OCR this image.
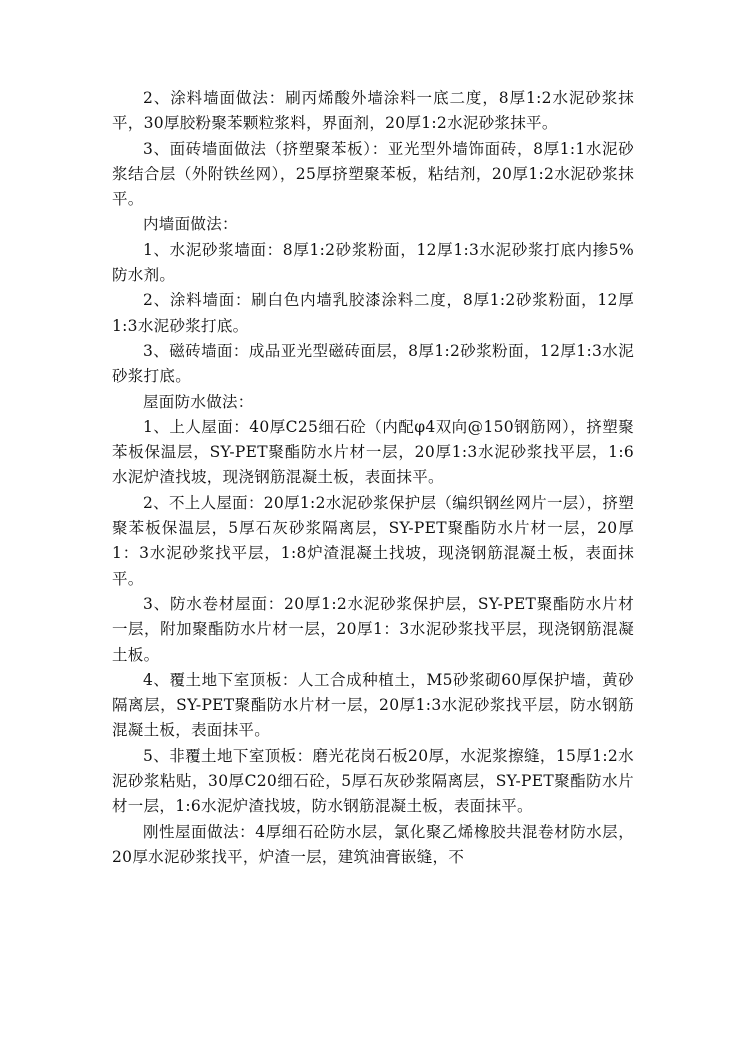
2、涂料墙面做法：刷丙烯酸外墙涂料一底二度，8厚1:2水泥砂浆抹平，30厚胶粉聚苯颗粒浆料，界面剂，20厚1:2水泥砂浆抹平。

3、面砖墙面做法（挤塑聚苯板）：亚光型外墙饰面砖，8厚1:1水泥砂浆结合层（外附铁丝网），25厚挤塑聚苯板，粘结剂，20厚1:2水泥砂浆抹平。

内墙面做法：

1、水泥砂浆墙面：8厚1:2砂浆粉面，12厚1:3水泥砂浆打底内掺5%防水剂。

2、涂料墙面：刷白色内墙乳胶漆涂料二度，8厚1:2砂浆粉面，12厚1:3水泥砂浆打底。

3、磁砖墙面：成品亚光型磁砖面层，8厚1:2砂浆粉面，12厚1:3水泥砂浆打底。

屋面防水做法：

1、上人屋面：40厚C25细石砼（内配φ4双向@150钢筋网），挤塑聚苯板保温层，SY-PET聚酯防水片材一层，20厚1:3水泥砂浆找平层，1:6水泥炉渣找坡，现浇钢筋混凝土板，表面抹平。

2、不上人屋面：20厚1:2水泥砂浆保护层（编织钢丝网片一层），挤塑聚苯板保温层，5厚石灰砂浆隔离层，SY-PET聚酯防水片材一层，20厚1：3水泥砂浆找平层，1:8炉渣混凝土找坡，现浇钢筋混凝土板，表面抹平。

3、防水卷材屋面：20厚1:2水泥砂浆保护层，SY-PET聚酯防水片材一层，附加聚酯防水片材一层，20厚1：3水泥砂浆找平层，现浇钢筋混凝土板。

4、覆土地下室顶板：人工合成种植土，M5砂浆砌60厚保护墙，黄砂隔离层，SY-PET聚酯防水片材一层，20厚1:3水泥砂浆找平层，防水钢筋混凝土板，表面抹平。

5、非覆土地下室顶板：磨光花岗石板20厚，水泥浆擦缝，15厚1:2水泥砂浆粘贴，30厚C20细石砼，5厚石灰砂浆隔离层，SY-PET聚酯防水片材一层，1:6水泥炉渣找坡，防水钢筋混凝土板，表面抹平。

刚性屋面做法：4厚细石砼防水层，氯化聚乙烯橡胶共混卷材防水层，20厚水泥砂浆找平，炉渣一层，建筑油膏嵌缝，不
